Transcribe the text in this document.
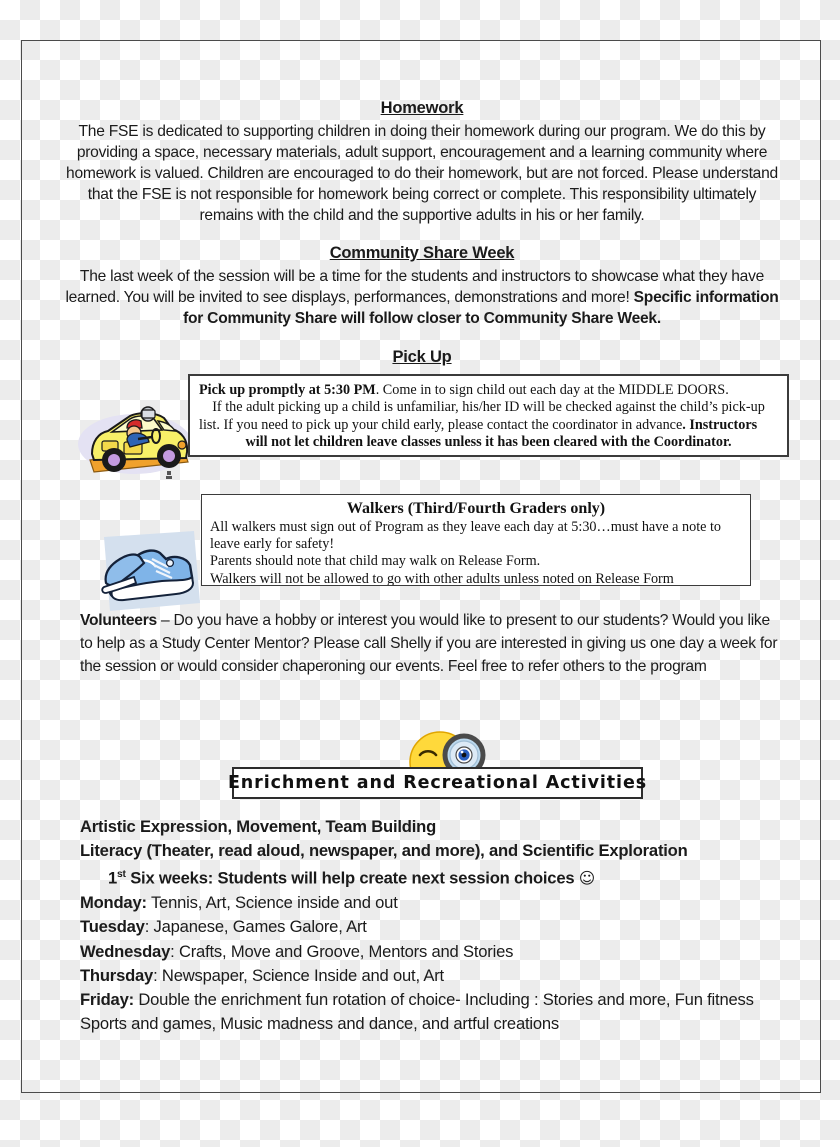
Homework
The FSE is dedicated to supporting children in doing their homework during our program. We do this by providing a space, necessary materials, adult support, encouragement and a learning community where homework is valued. Children are encouraged to do their homework, but are not forced. Please understand that the FSE is not responsible for homework being correct or complete. This responsibility ultimately remains with the child and the supportive adults in his or her family.
Community Share Week
The last week of the session will be a time for the students and instructors to showcase what they have learned. You will be invited to see displays, performances, demonstrations and more! Specific information for Community Share will follow closer to Community Share Week.
Pick Up
Pick up promptly at 5:30 PM. Come in to sign child out each day at the MIDDLE DOORS.
If the adult picking up a child is unfamiliar, his/her ID will be checked against the child’s pick-up
list. If you need to pick up your child early, please contact the coordinator in advance. Instructors
will not let children leave classes unless it has been cleared with the Coordinator.
Walkers (Third/Fourth Graders only)
All walkers must sign out of Program as they leave each day at 5:30…must have a note to
leave early for safety!
Parents should note that child may walk on Release Form.
Walkers will not be allowed to go with other adults unless noted on Release Form
Volunteers – Do you have a hobby or interest you would like to present to our students? Would you like to help as a Study Center Mentor? Please call Shelly if you are interested in giving us one day a week for the session or would consider chaperoning our events. Feel free to refer others to the program
Enrichment and Recreational Activities
Artistic Expression, Movement, Team Building
Literacy (Theater, read aloud, newspaper, and more), and Scientific Exploration
1st Six weeks: Students will help create next session choices ☺
Monday: Tennis, Art, Science inside and out
Tuesday: Japanese, Games Galore, Art
Wednesday: Crafts, Move and Groove, Mentors and Stories
Thursday: Newspaper, Science Inside and out, Art
Friday: Double the enrichment fun rotation of choice- Including : Stories and more, Fun fitness Sports and games, Music madness and dance, and artful creations
